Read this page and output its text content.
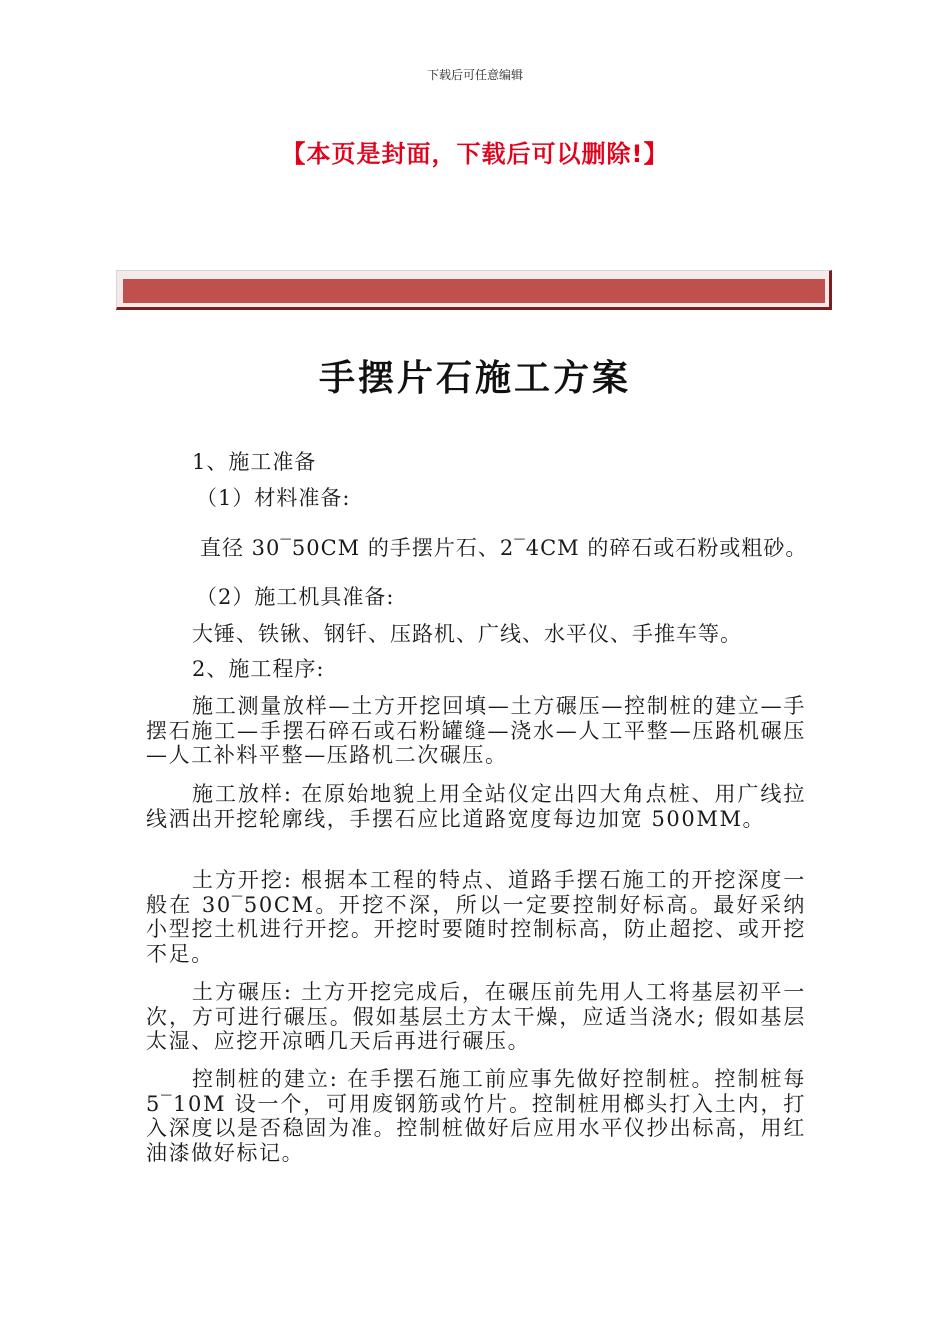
下载后可任意编辑
【本页是封面，下载后可以删除!】
手摆片石施工方案
1、施工准备
（1）材料准备:
直径 30‾50CM 的手摆片石、2‾4CM 的碎石或石粉或粗砂。
（2）施工机具准备:
大锤、铁锹、钢钎、压路机、广线、水平仪、手推车等。
2、施工程序:
施工测量放样—土方开挖回填—土方碾压—控制桩的建立—手摆石施工—手摆石碎石或石粉罐缝—浇水—人工平整—压路机碾压—人工补料平整—压路机二次碾压。
施工放样: 在原始地貌上用全站仪定出四大角点桩、用广线拉线洒出开挖轮廓线，手摆石应比道路宽度每边加宽 500MM。
土方开挖: 根据本工程的特点、道路手摆石施工的开挖深度一般在 30‾50CM。开挖不深，所以一定要控制好标高。最好采纳小型挖土机进行开挖。开挖时要随时控制标高，防止超挖、或开挖不足。
土方碾压: 土方开挖完成后，在碾压前先用人工将基层初平一次，方可进行碾压。假如基层土方太干燥，应适当浇水; 假如基层太湿、应挖开凉晒几天后再进行碾压。
控制桩的建立: 在手摆石施工前应事先做好控制桩。控制桩每 5‾10M 设一个，可用废钢筋或竹片。控制桩用榔头打入土内，打入深度以是否稳固为准。控制桩做好后应用水平仪抄出标高，用红油漆做好标记。
